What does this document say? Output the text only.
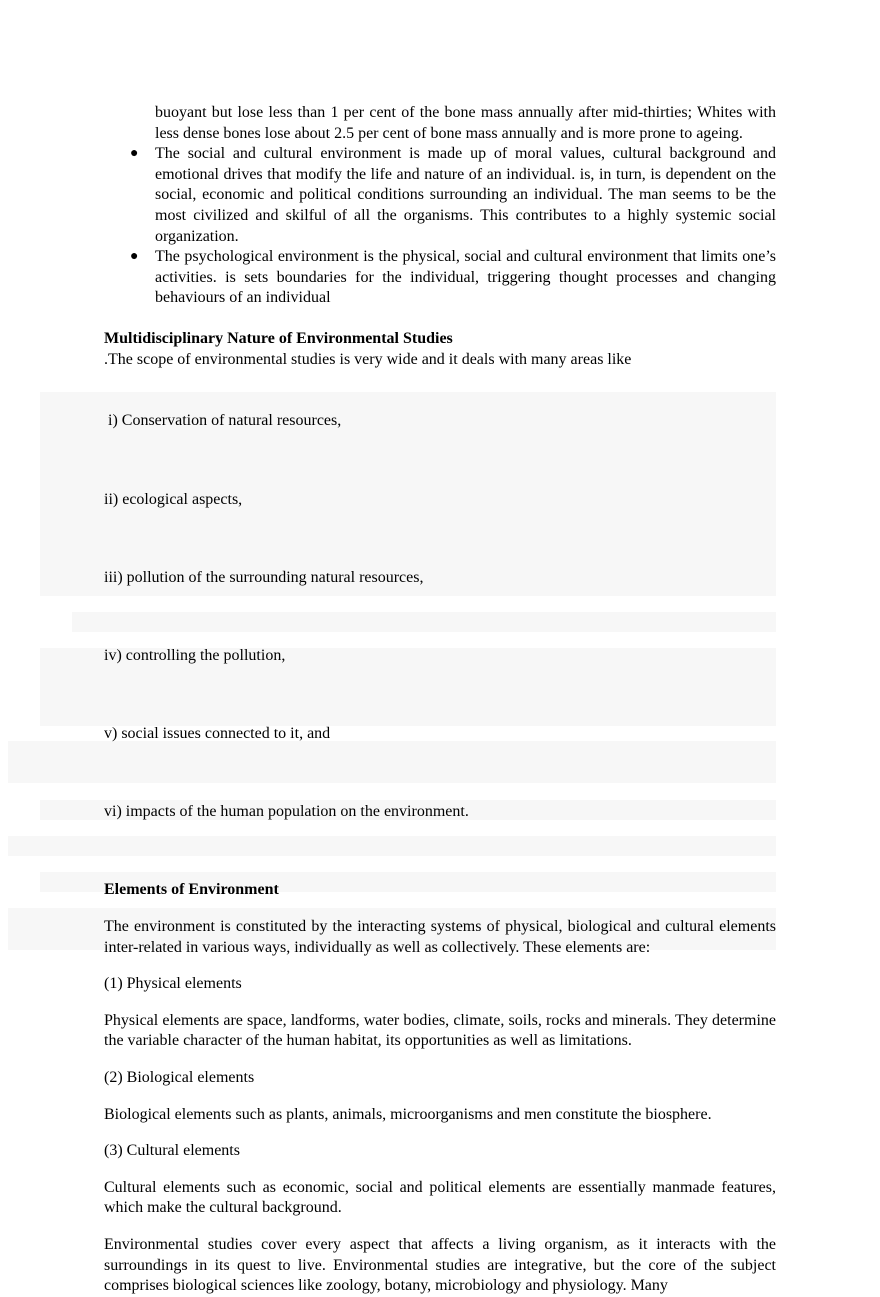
buoyant but lose less than 1 per cent of the bone mass annually after mid-thirties; Whites with less dense bones lose about 2.5 per cent of bone mass annually and is more prone to ageing.
● The social and cultural environment is made up of moral values, cultural background and emotional drives that modify the life and nature of an individual. is, in turn, is dependent on the social, economic and political conditions surrounding an individual. The man seems to be the most civilized and skilful of all the organisms. This contributes to a highly systemic social organization.
● The psychological environment is the physical, social and cultural environment that limits one’s activities. is sets boundaries for the individual, triggering thought processes and changing behaviours of an individual
Multidisciplinary Nature of Environmental Studies
.The scope of environmental studies is very wide and it deals with many areas like

i) Conservation of natural resources,

ii) ecological aspects,

iii) pollution of the surrounding natural resources,

iv) controlling the pollution,

v) social issues connected to it, and

vi) impacts of the human population on the environment.

Elements of Environment
The environment is constituted by the interacting systems of physical, biological and cultural elements inter-related in various ways, individually as well as collectively. These elements are:
(1) Physical elements
Physical elements are space, landforms, water bodies, climate, soils, rocks and minerals. They determine the variable character of the human habitat, its opportunities as well as limitations.
(2) Biological elements
Biological elements such as plants, animals, microorganisms and men constitute the biosphere.
(3) Cultural elements
Cultural elements such as economic, social and political elements are essentially manmade features, which make the cultural background.
Environmental studies cover every aspect that affects a living organism, as it interacts with the surroundings in its quest to live. Environmental studies are integrative, but the core of the subject comprises biological sciences like zoology, botany, microbiology and physiology. Many
